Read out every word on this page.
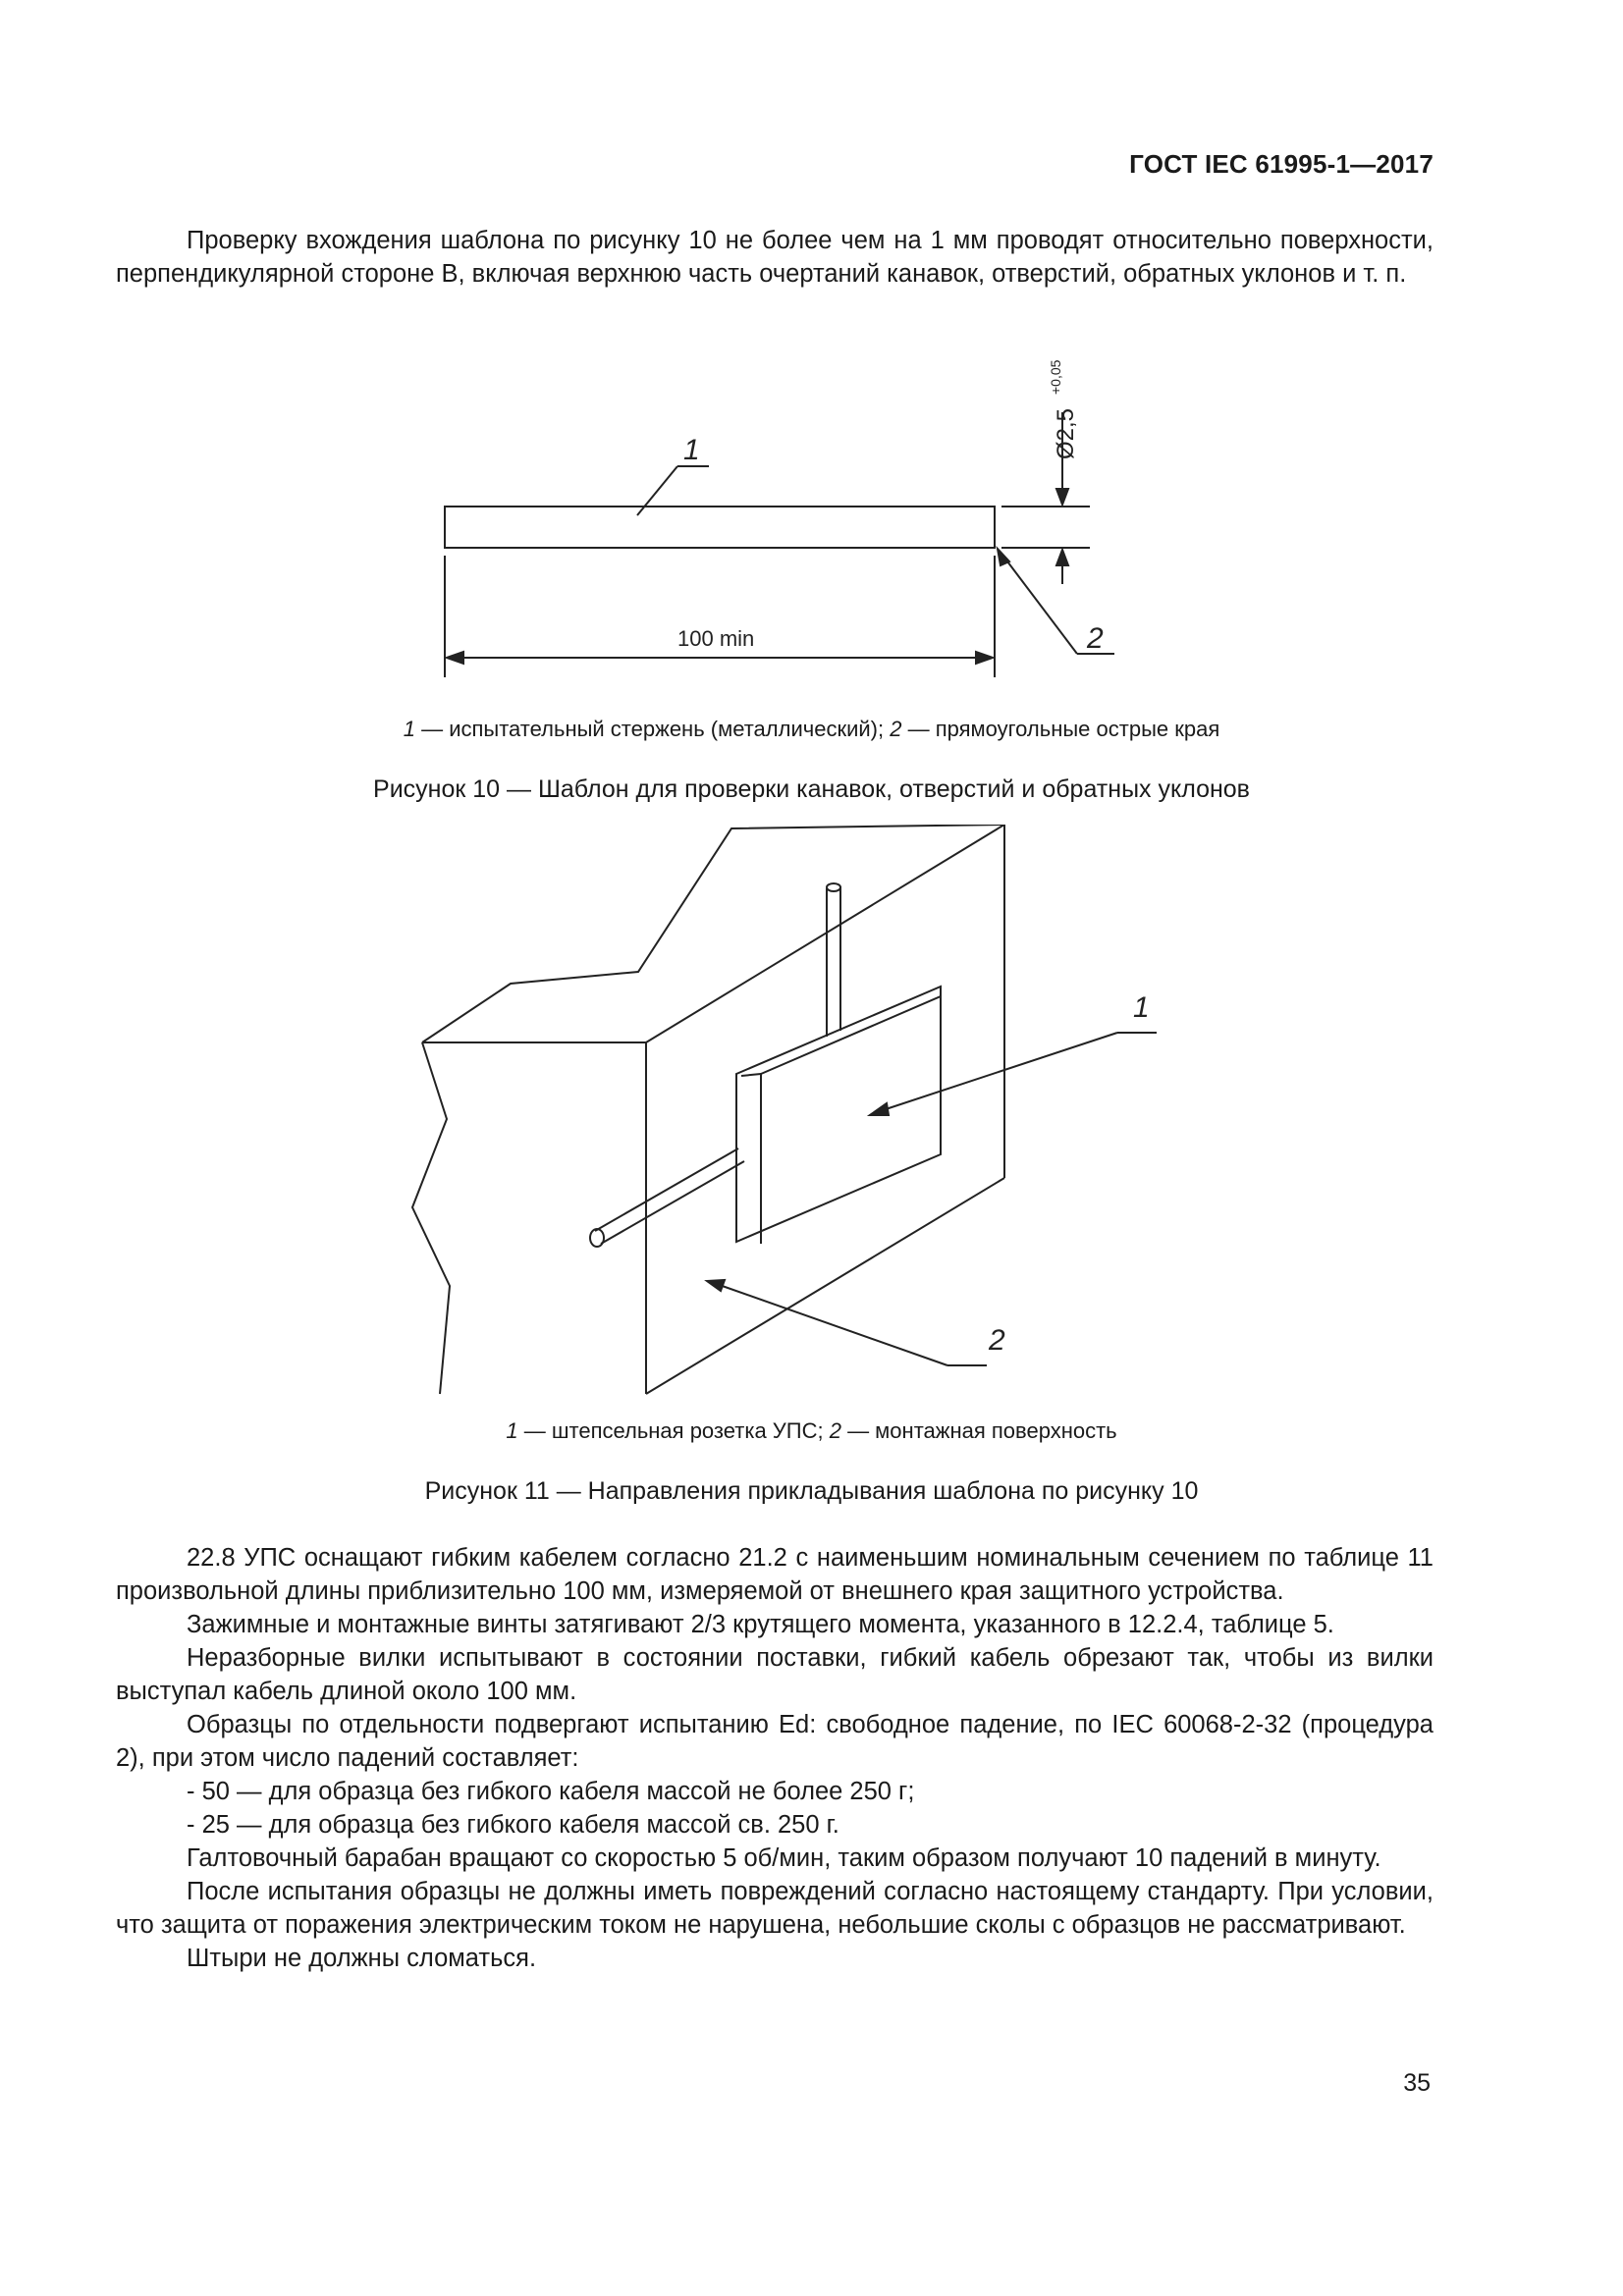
ГОСТ IEC 61995-1—2017

Проверку вхождения шаблона по рисунку 10 не более чем на 1 мм проводят относительно поверхности, перпендикулярной стороне В, включая верхнюю часть очертаний канавок, отверстий, обратных уклонов и т. п.

1
2
100 min
Ø2,5
+0,05
1 — испытательный стержень (металлический); 2 — прямоугольные острые края
Рисунок 10 — Шаблон для проверки канавок, отверстий и обратных уклонов
1
2
1 — штепсельная розетка УПС; 2 — монтажная поверхность
Рисунок 11 — Направления прикладывания шаблона по рисунку 10

22.8 УПС оснащают гибким кабелем согласно 21.2 с наименьшим номинальным сечением по таблице 11 произвольной длины приблизительно 100 мм, измеряемой от внешнего края защитного устройства.

Зажимные и монтажные винты затягивают 2/3 крутящего момента, указанного в 12.2.4, таблице 5.

Неразборные вилки испытывают в состоянии поставки, гибкий кабель обрезают так, чтобы из вилки выступал кабель длиной около 100 мм.

Образцы по отдельности подвергают испытанию Ed: свободное падение, по IEC 60068-2-32 (процедура 2), при этом число падений составляет:

- 50 — для образца без гибкого кабеля массой не более 250 г;

- 25 — для образца без гибкого кабеля массой св. 250 г.

Галтовочный барабан вращают со скоростью 5 об/мин, таким образом получают 10 падений в минуту.

После испытания образцы не должны иметь повреждений согласно настоящему стандарту. При условии, что защита от поражения электрическим током не нарушена, небольшие сколы с образцов не рассматривают.

Штыри не должны сломаться.

35
